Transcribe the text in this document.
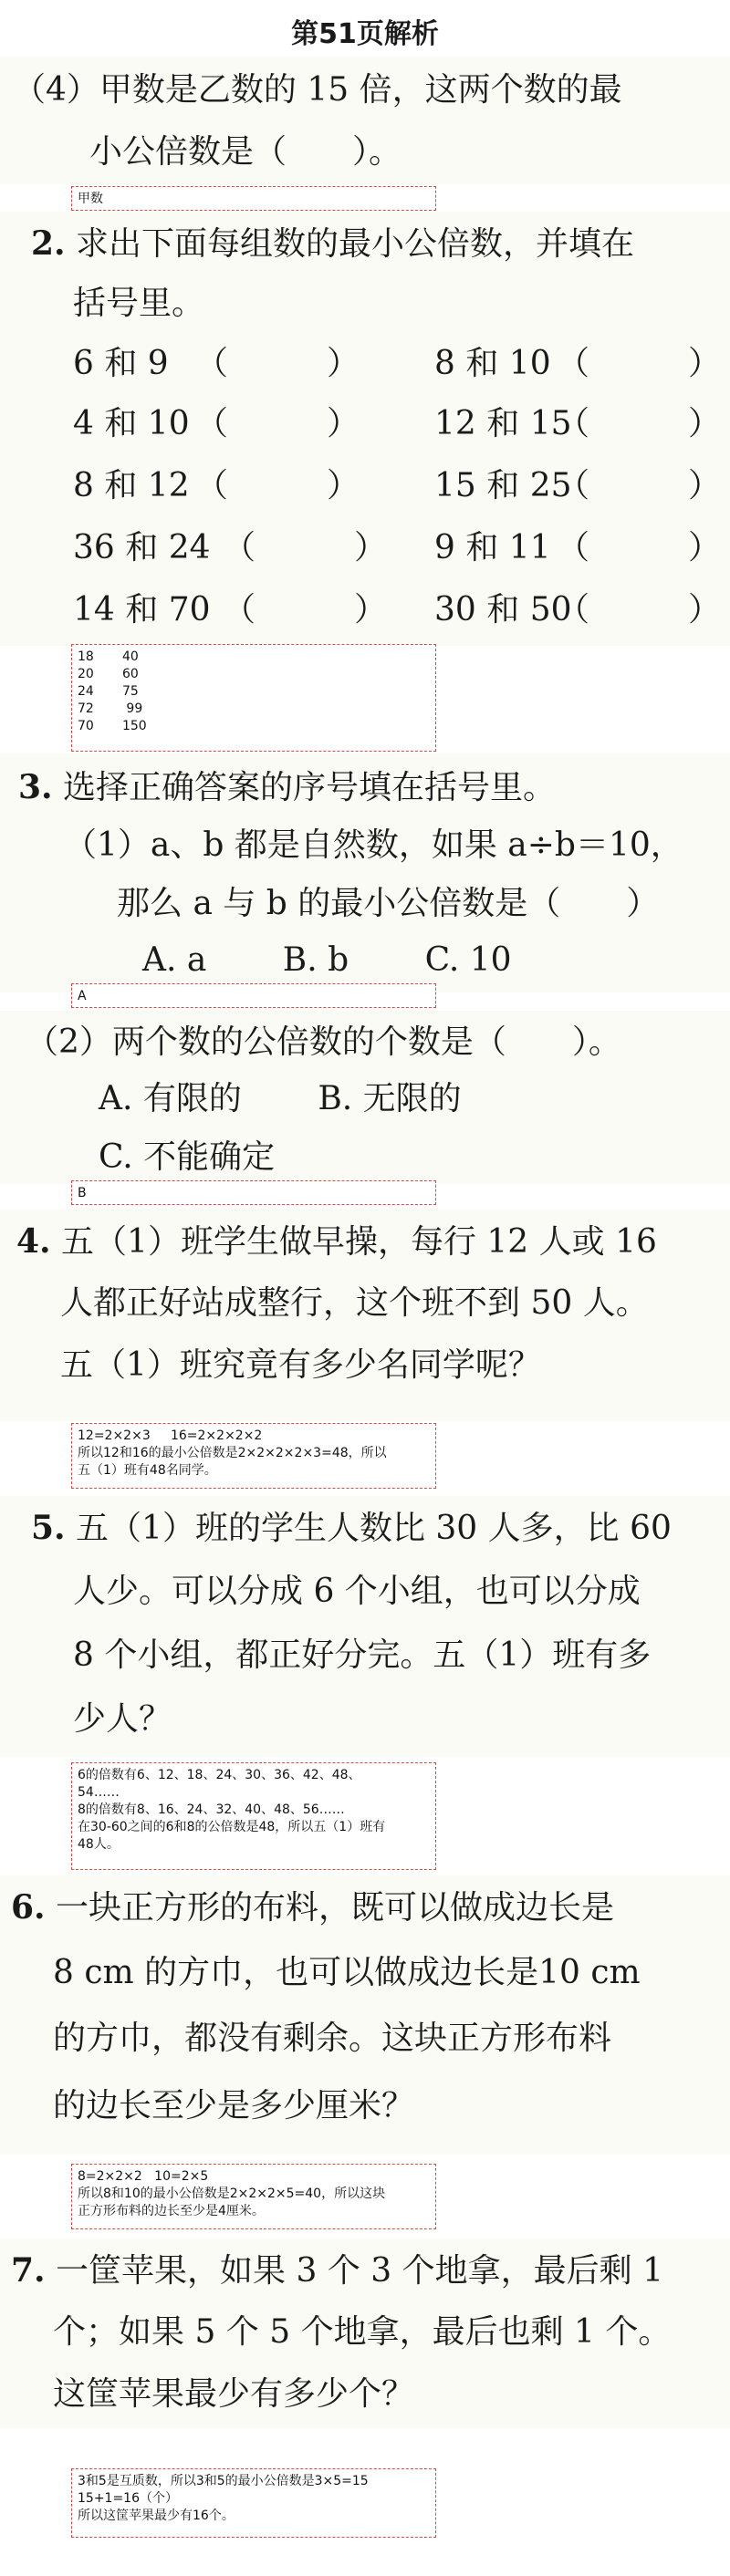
第51页解析
（4）甲数是乙数的 15 倍，这两个数的最
小公倍数是（　　）。
甲数
2. 求出下面每组数的最小公倍数，并填在
括号里。
6 和 9 （　　　） 8 和 10 （　　　）
4 和 10 （　　　） 12 和 15
（　　　）
8 和 12 （　　　） 15 和 25
（　　　）
36 和 24 （　　　） 9 和 11 （　　　）
14 和 70 （　　　） 30 和 50
（　　　）
18       40
20       60
24       75
72        99
70       150
3. 选择正确答案的序号填在括号里。
（1）a、b 都是自然数，如果 a÷b＝10，
那么 a 与 b 的最小公倍数是（　　）
A. a　　 B. b　　 C. 10
A
（2）两个数的公倍数的个数是（　　）。
A. 有限的　　 B. 无限的
C. 不能确定
B
4. 五（1）班学生做早操，每行 12 人或 16
人都正好站成整行，这个班不到 50 人。
五（1）班究竟有多少名同学呢？
12=2×2×3     16=2×2×2×2
所以12和16的最小公倍数是2×2×2×2×3=48，所以
五（1）班有48名同学。
5. 五（1）班的学生人数比 30 人多，比 60
人少。可以分成 6 个小组，也可以分成
8 个小组，都正好分完。五（1）班有多
少人？
6的倍数有6、12、18、24、30、36、42、48、
54……
8的倍数有8、16、24、32、40、48、56……
在30-60之间的6和8的公倍数是48，所以五（1）班有
48人。
6. 一块正方形的布料，既可以做成边长是
8 cm 的方巾，也可以做成边长是10 cm
的方巾，都没有剩余。这块正方形布料
的边长至少是多少厘米？
8=2×2×2   10=2×5
所以8和10的最小公倍数是2×2×2×5=40，所以这块
正方形布料的边长至少是4厘米。
7. 一筐苹果，如果 3 个 3 个地拿，最后剩 1
个；如果 5 个 5 个地拿，最后也剩 1 个。
这筐苹果最少有多少个？
3和5是互质数，所以3和5的最小公倍数是3×5=15
15+1=16（个）
所以这筐苹果最少有16个。
